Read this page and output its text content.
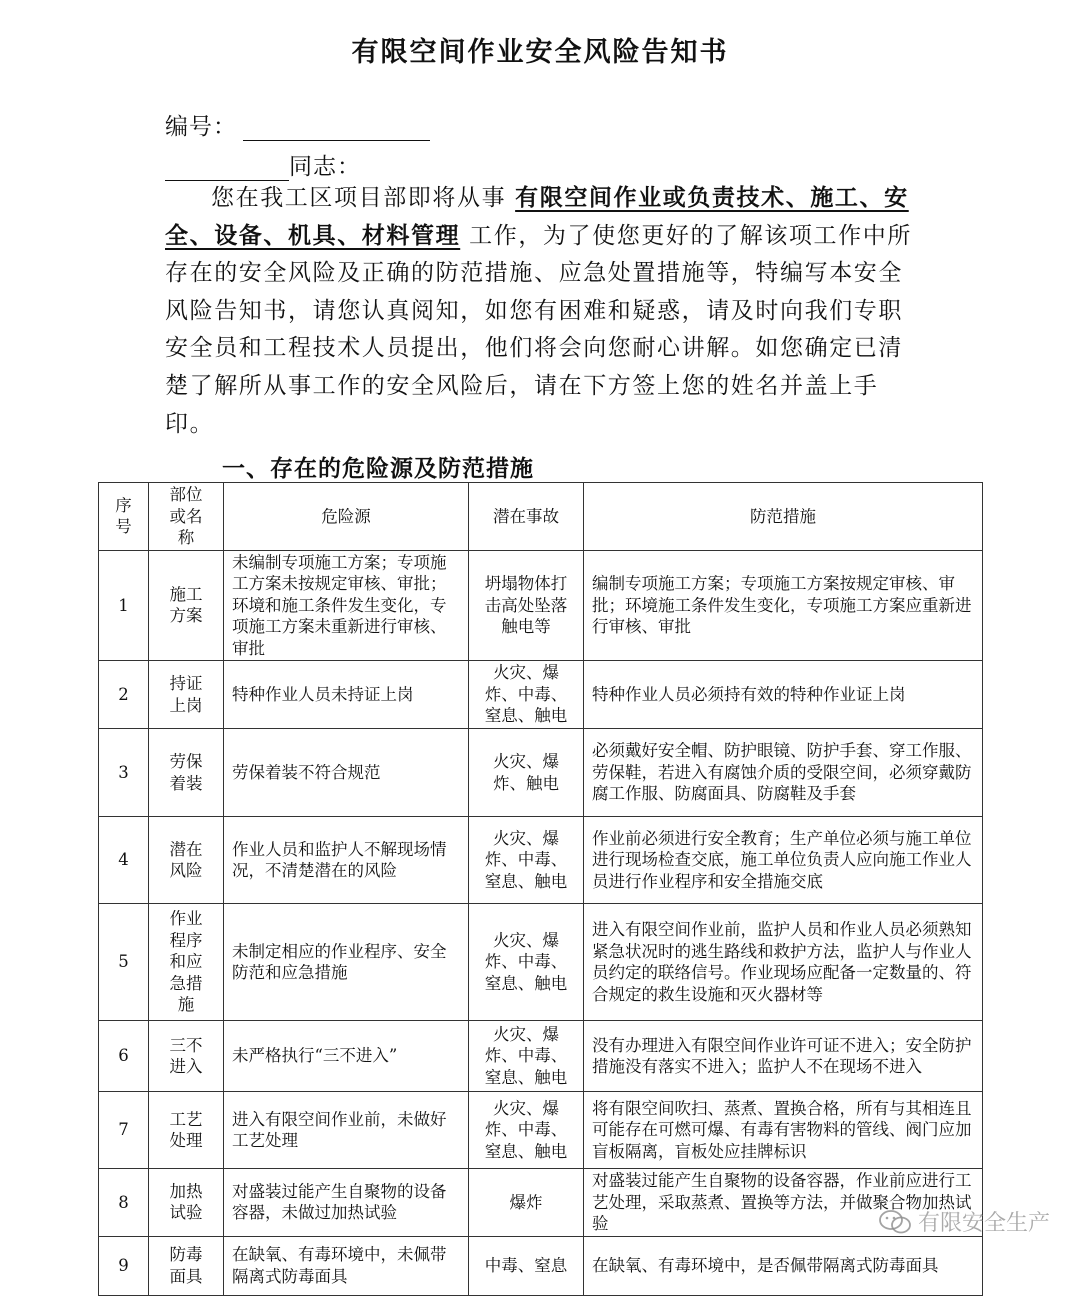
有限空间作业安全风险告知书
编号：
同志：
您在我工区项目部即将从事 有限空间作业或负责技术、施工、安全、设备、机具、材料管理 工作，为了使您更好的了解该项工作中所存在的安全风险及正确的防范措施、应急处置措施等，特编写本安全风险告知书，请您认真阅知，如您有困难和疑惑，请及时向我们专职安全员和工程技术人员提出，他们将会向您耐心讲解。如您确定已清楚了解所从事工作的安全风险后，请在下方签上您的姓名并盖上手印。
一、存在的危险源及防范措施
序号	部位或名称	危险源	潜在事故	防范措施
1	施工方案	未编制专项施工方案；专项施工方案未按规定审核、审批；环境和施工条件发生变化，专项施工方案未重新进行审核、审批	坍塌物体打击高处坠落触电等	编制专项施工方案；专项施工方案按规定审核、审批；环境施工条件发生变化，专项施工方案应重新进行审核、审批
2	持证上岗	特种作业人员未持证上岗	火灾、爆炸、中毒、窒息、触电	特种作业人员必须持有效的特种作业证上岗
3	劳保着装	劳保着装不符合规范	火灾、爆炸、触电	必须戴好安全帽、防护眼镜、防护手套、穿工作服、劳保鞋，若进入有腐蚀介质的受限空间，必须穿戴防腐工作服、防腐面具、防腐鞋及手套
4	潜在风险	作业人员和监护人不解现场情况，不清楚潜在的风险	火灾、爆炸、中毒、窒息、触电	作业前必须进行安全教育；生产单位必须与施工单位进行现场检查交底，施工单位负责人应向施工作业人员进行作业程序和安全措施交底
5	作业程序和应急措施	未制定相应的作业程序、安全防范和应急措施	火灾、爆炸、中毒、窒息、触电	进入有限空间作业前，监护人员和作业人员必须熟知紧急状况时的逃生路线和救护方法，监护人与作业人员约定的联络信号。作业现场应配备一定数量的、符合规定的救生设施和灭火器材等
6	三不进入	未严格执行“三不进入”	火灾、爆炸、中毒、窒息、触电	没有办理进入有限空间作业许可证不进入；安全防护措施没有落实不进入；监护人不在现场不进入
7	工艺处理	进入有限空间作业前，未做好工艺处理	火灾、爆炸、中毒、窒息、触电	将有限空间吹扫、蒸煮、置换合格，所有与其相连且可能存在可燃可爆、有毒有害物料的管线、阀门应加盲板隔离，盲板处应挂牌标识
8	加热试验	对盛装过能产生自聚物的设备容器，未做过加热试验	爆炸	对盛装过能产生自聚物的设备容器，作业前应进行工艺处理，采取蒸煮、置换等方法，并做聚合物加热试验
9	防毒面具	在缺氧、有毒环境中，未佩带隔离式防毒面具	中毒、窒息	在缺氧、有毒环境中，是否佩带隔离式防毒面具
有限安全生产
